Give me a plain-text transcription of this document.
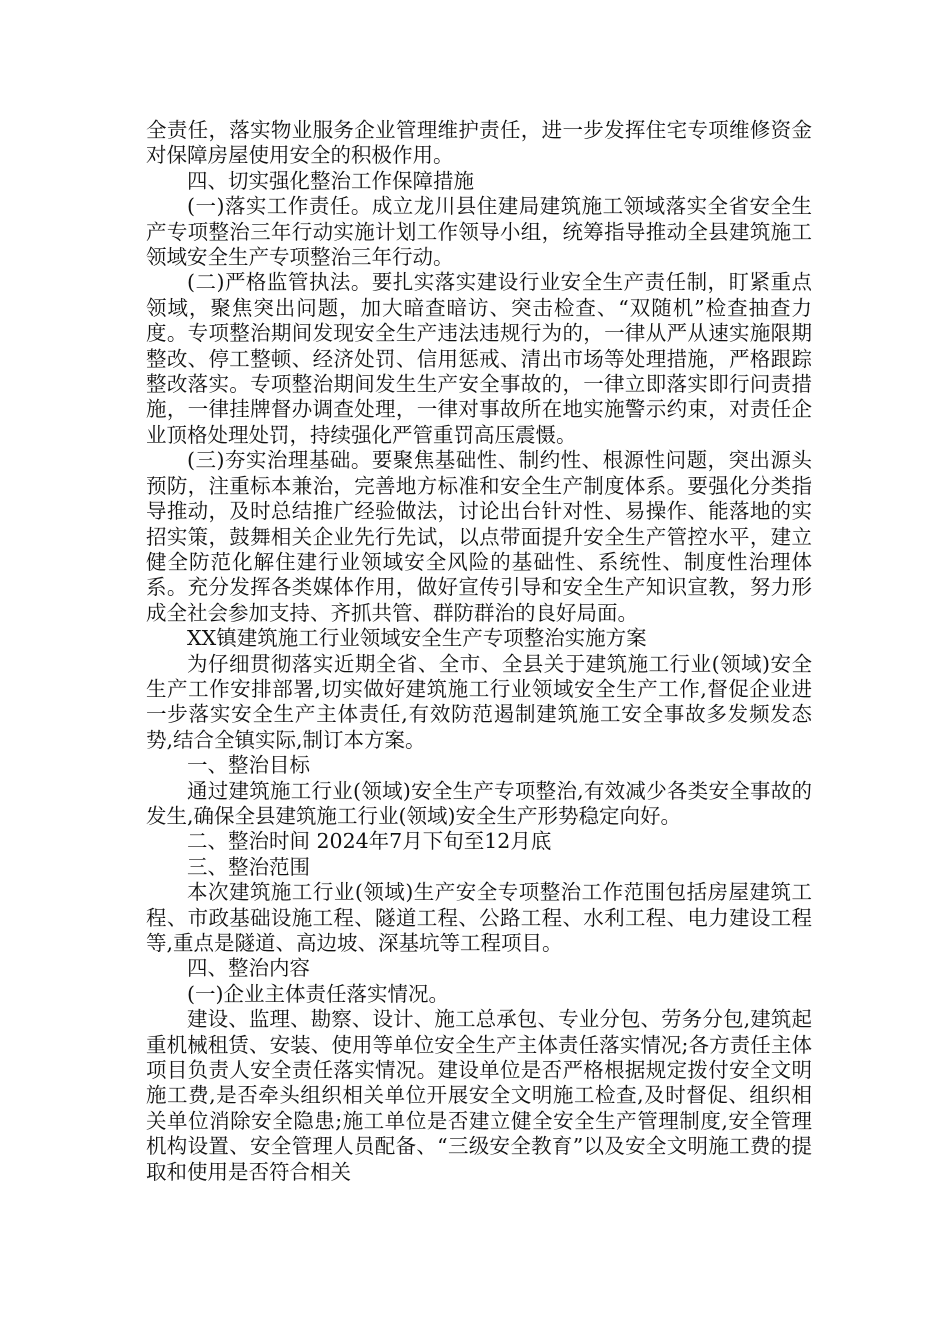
全责任，落实物业服务企业管理维护责任，进一步发挥住宅专项维修资金对保障房屋使用安全的积极作用。

四、切实强化整治工作保障措施

(一)落实工作责任。成立龙川县住建局建筑施工领域落实全省安全生产专项整治三年行动实施计划工作领导小组，统筹指导推动全县建筑施工领域安全生产专项整治三年行动。

(二)严格监管执法。要扎实落实建设行业安全生产责任制，盯紧重点领域，聚焦突出问题，加大暗查暗访、突击检查、“双随机”检查抽查力度。专项整治期间发现安全生产违法违规行为的，一律从严从速实施限期整改、停工整顿、经济处罚、信用惩戒、清出市场等处理措施，严格跟踪整改落实。专项整治期间发生生产安全事故的，一律立即落实即行问责措施，一律挂牌督办调查处理，一律对事故所在地实施警示约束，对责任企业顶格处理处罚，持续强化严管重罚高压震慑。

(三)夯实治理基础。要聚焦基础性、制约性、根源性问题，突出源头预防，注重标本兼治，完善地方标准和安全生产制度体系。要强化分类指导推动，及时总结推广经验做法，讨论出台针对性、易操作、能落地的实招实策，鼓舞相关企业先行先试，以点带面提升安全生产管控水平，建立健全防范化解住建行业领域安全风险的基础性、系统性、制度性治理体系。充分发挥各类媒体作用，做好宣传引导和安全生产知识宣教，努力形成全社会参加支持、齐抓共管、群防群治的良好局面。

XX镇建筑施工行业领域安全生产专项整治实施方案

为仔细贯彻落实近期全省、全市、全县关于建筑施工行业(领域)安全生产工作安排部署,切实做好建筑施工行业领域安全生产工作,督促企业进一步落实安全生产主体责任,有效防范遏制建筑施工安全事故多发频发态势,结合全镇实际,制订本方案。

一、整治目标

通过建筑施工行业(领域)安全生产专项整治,有效减少各类安全事故的发生,确保全县建筑施工行业(领域)安全生产形势稳定向好。

二、整治时间 2024年7月下旬至12月底

三、整治范围

本次建筑施工行业(领域)生产安全专项整治工作范围包括房屋建筑工程、市政基础设施工程、隧道工程、公路工程、水利工程、电力建设工程等,重点是隧道、高边坡、深基坑等工程项目。

四、整治内容

(一)企业主体责任落实情况。

建设、监理、勘察、设计、施工总承包、专业分包、劳务分包,建筑起重机械租赁、安装、使用等单位安全生产主体责任落实情况;各方责任主体项目负责人安全责任落实情况。建设单位是否严格根据规定拨付安全文明施工费,是否牵头组织相关单位开展安全文明施工检查,及时督促、组织相关单位消除安全隐患;施工单位是否建立健全安全生产管理制度,安全管理机构设置、安全管理人员配备、“三级安全教育”以及安全文明施工费的提取和使用是否符合相关
